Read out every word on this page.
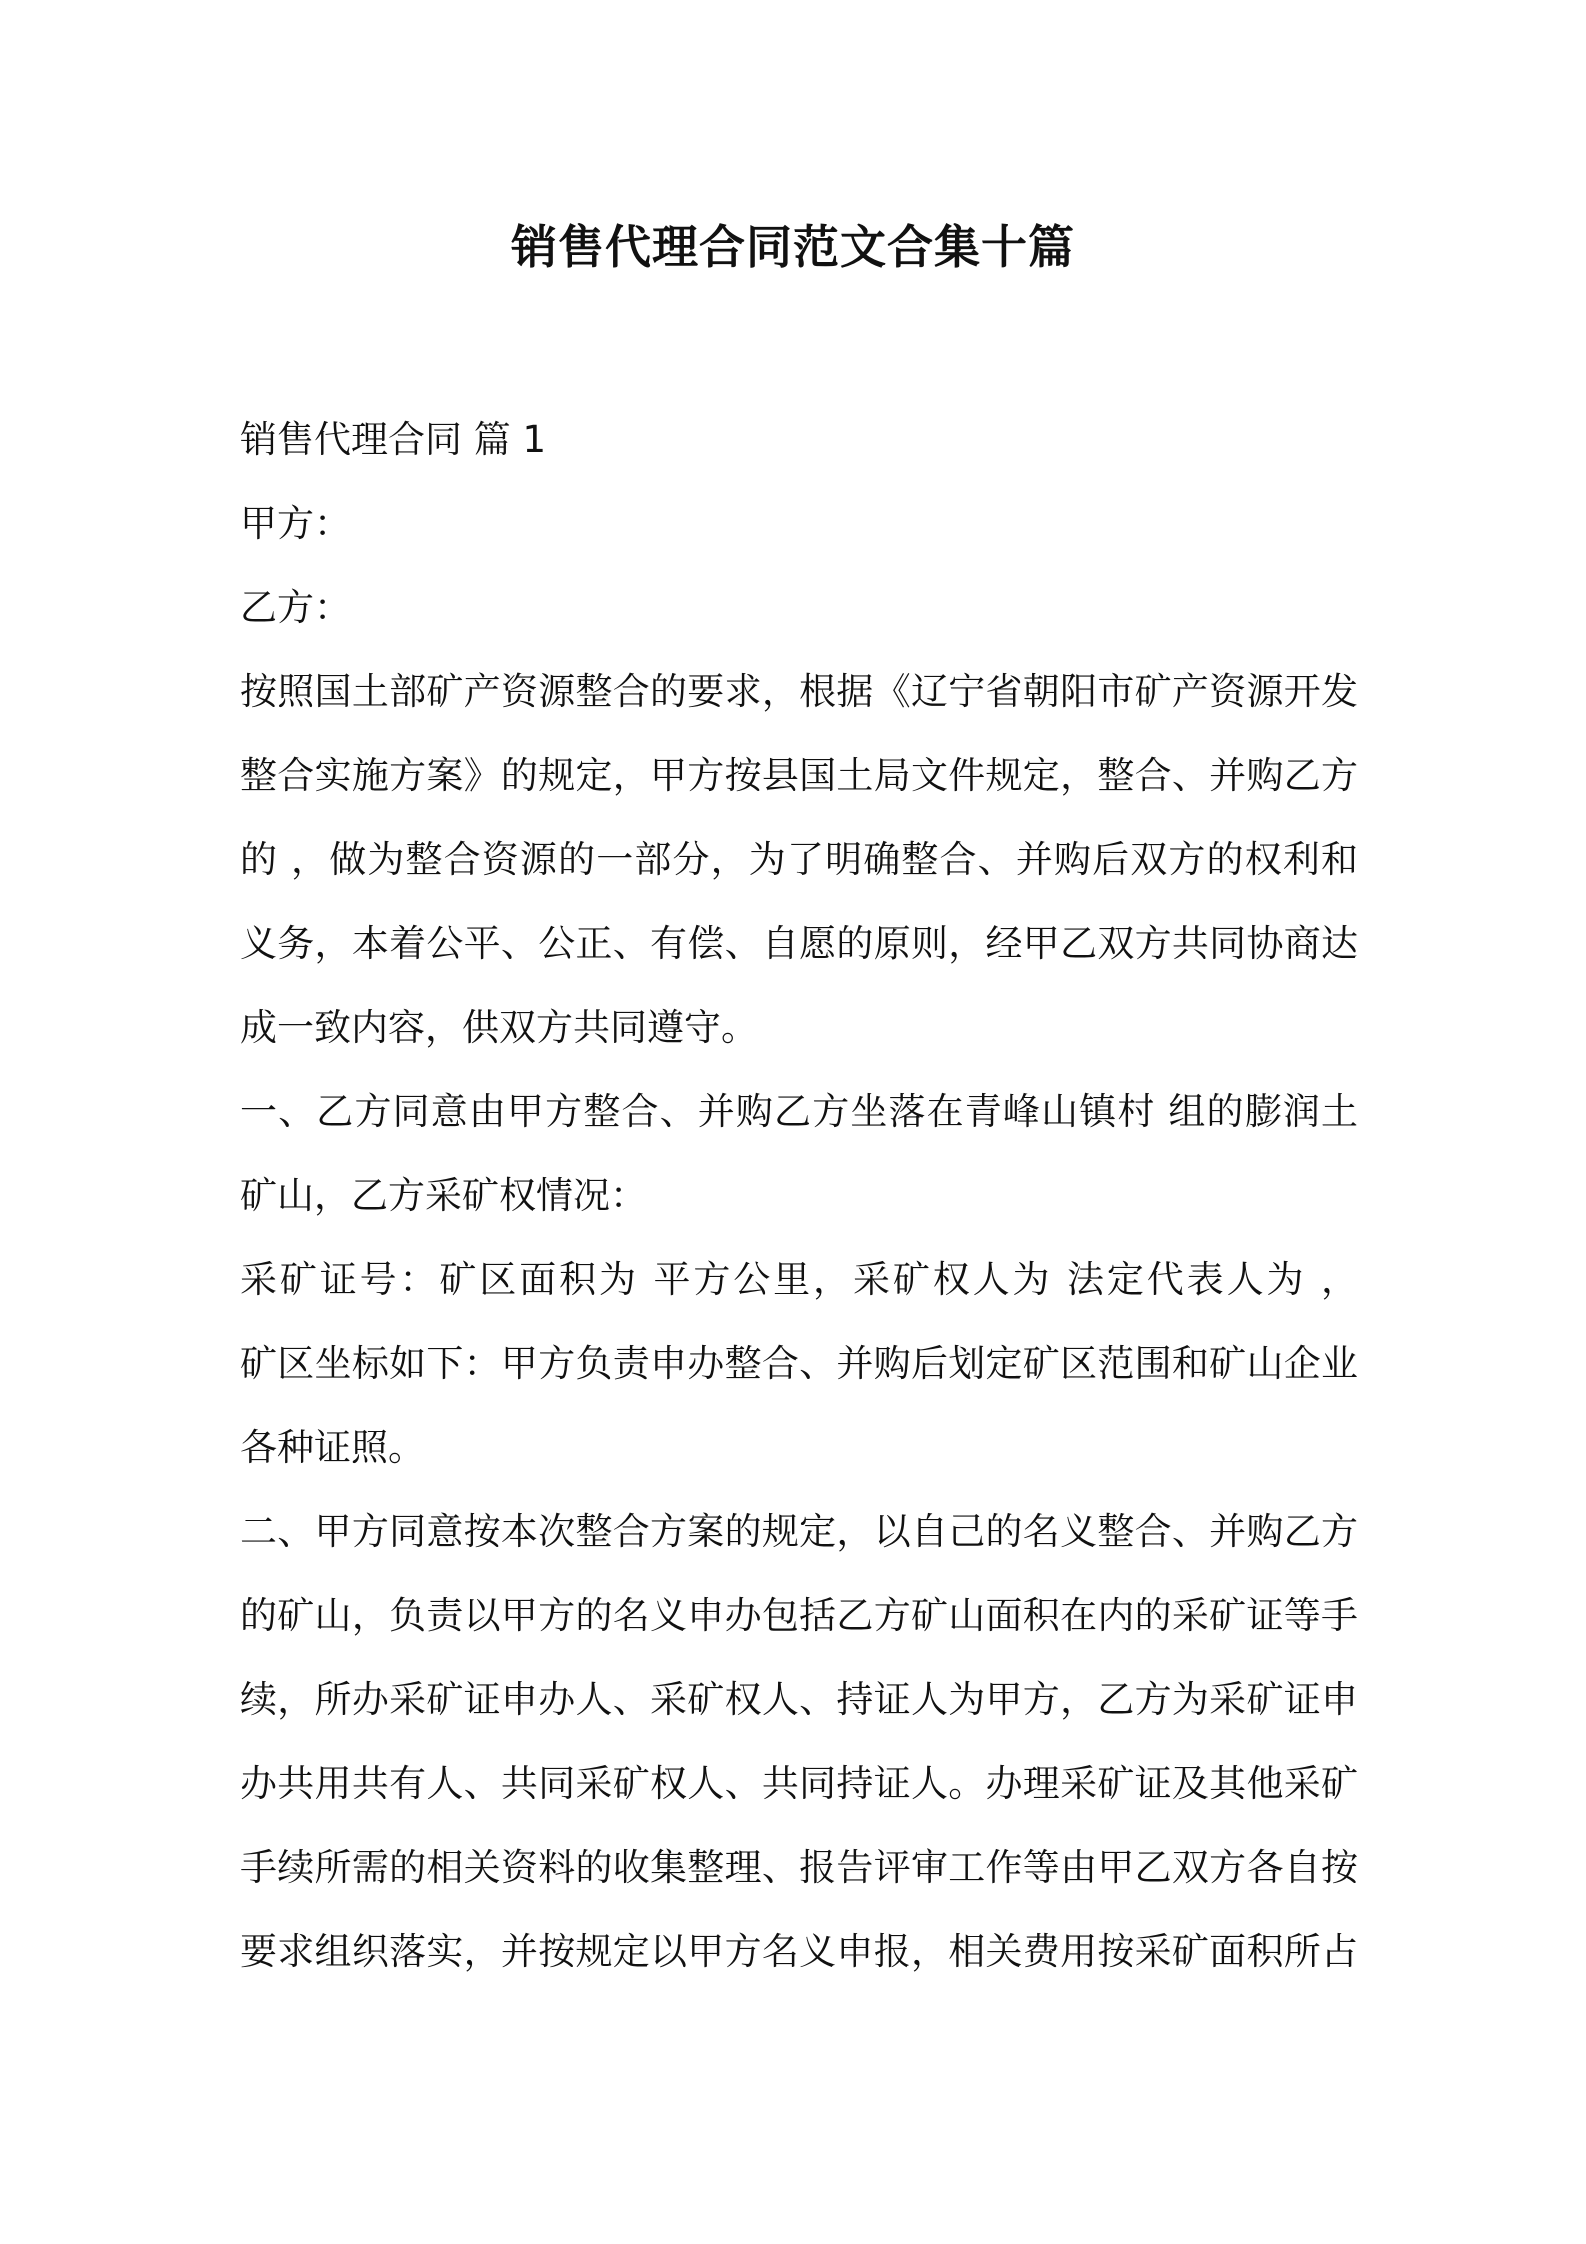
销售代理合同范文合集十篇
销售代理合同 篇 1
甲方：
乙方：
按照国土部矿产资源整合的要求，根据《辽宁省朝阳市矿产资源开发
整合实施方案》的规定，甲方按县国土局文件规定，整合、并购乙方
的 ，做为整合资源的一部分，为了明确整合、并购后双方的权利和
义务，本着公平、公正、有偿、自愿的原则，经甲乙双方共同协商达
成一致内容，供双方共同遵守。
一、乙方同意由甲方整合、并购乙方坐落在青峰山镇村 组的膨润土
矿山，乙方采矿权情况：
采矿证号：矿区面积为 平方公里，采矿权人为 法定代表人为 ，
矿区坐标如下：甲方负责申办整合、并购后划定矿区范围和矿山企业
各种证照。
二、甲方同意按本次整合方案的规定，以自己的名义整合、并购乙方
的矿山，负责以甲方的名义申办包括乙方矿山面积在内的采矿证等手
续，所办采矿证申办人、采矿权人、持证人为甲方，乙方为采矿证申
办共用共有人、共同采矿权人、共同持证人。办理采矿证及其他采矿
手续所需的相关资料的收集整理、报告评审工作等由甲乙双方各自按
要求组织落实，并按规定以甲方名义申报，相关费用按采矿面积所占
